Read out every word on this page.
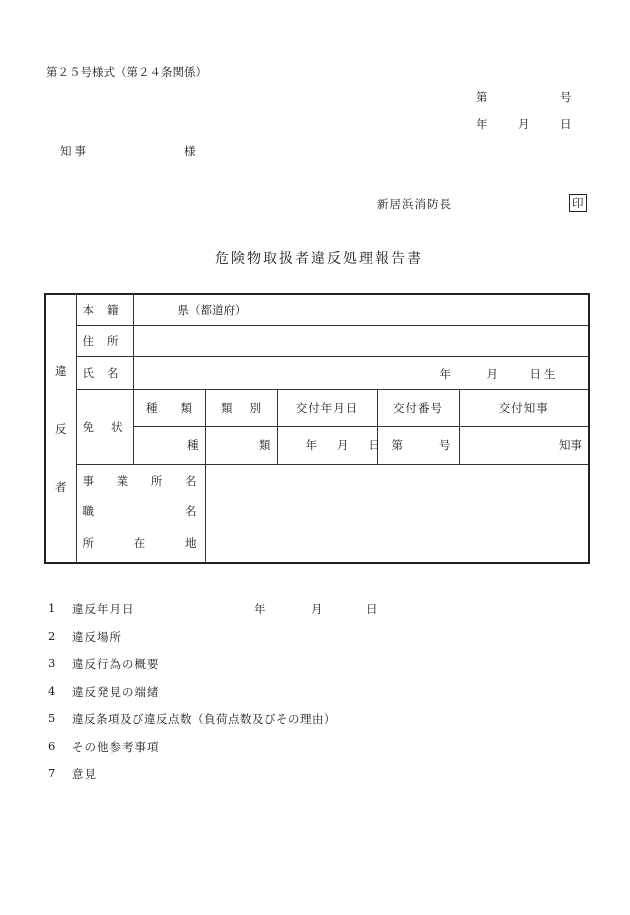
第２５号様式（第２４条関係）
第	号
年	月	日
知事	様
新居浜消防長	印
危険物取扱者違反処理報告書
違
反
者	本籍	県（都道府）				

	住所					

	氏名	年 月 日生				

	免状	種類	類別	交付年月日	交付番号	交付知事
		種	類	年 月 日	第 号	知事

	事業所名					

	職名
所在地					
1	違反年月日	年	月	日
2	違反場所
3	違反行為の概要
4	違反発見の端緒
5	違反条項及び違反点数（負荷点数及びその理由）
6	その他参考事項
7	意見
